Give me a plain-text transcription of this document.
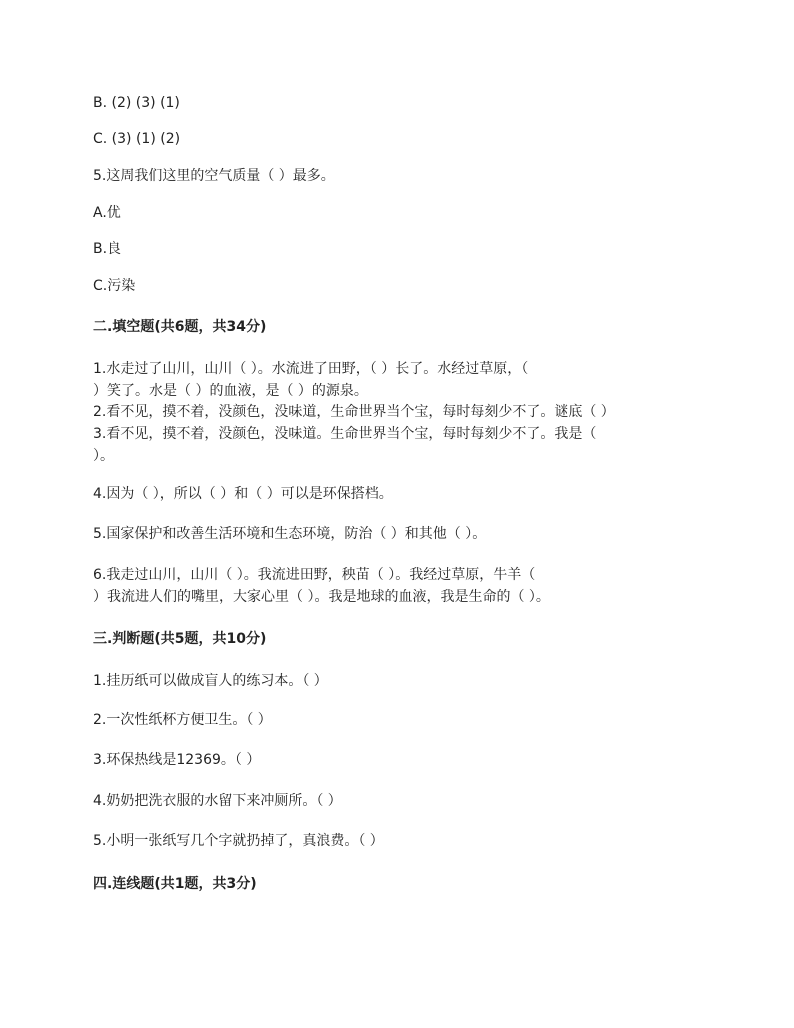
B. (2) (3) (1)
C. (3) (1) (2)
5.这周我们这里的空气质量（ ）最多。
A.优
B.良
C.污染
二.填空题(共6题，共34分)
1.水走过了山川，山川（ ）。水流进了田野，（ ）长了。水经过草原，（
）笑了。水是（ ）的血液，是（ ）的源泉。
2.看不见，摸不着，没颜色，没味道，生命世界当个宝，每时每刻少不了。谜底（ ）
3.看不见，摸不着，没颜色，没味道。生命世界当个宝，每时每刻少不了。我是（
）。
4.因为（ ），所以（ ）和（ ）可以是环保搭档。
5.国家保护和改善生活环境和生态环境，防治（ ）和其他（ ）。
6.我走过山川，山川（ ）。我流进田野，秧苗（ ）。我经过草原，牛羊（
）我流进人们的嘴里，大家心里（ ）。我是地球的血液，我是生命的（ ）。
三.判断题(共5题，共10分)
1.挂历纸可以做成盲人的练习本。（ ）
2.一次性纸杯方便卫生。（ ）
3.环保热线是12369。（ ）
4.奶奶把洗衣服的水留下来冲厕所。（ ）
5.小明一张纸写几个字就扔掉了，真浪费。（ ）
四.连线题(共1题，共3分)
